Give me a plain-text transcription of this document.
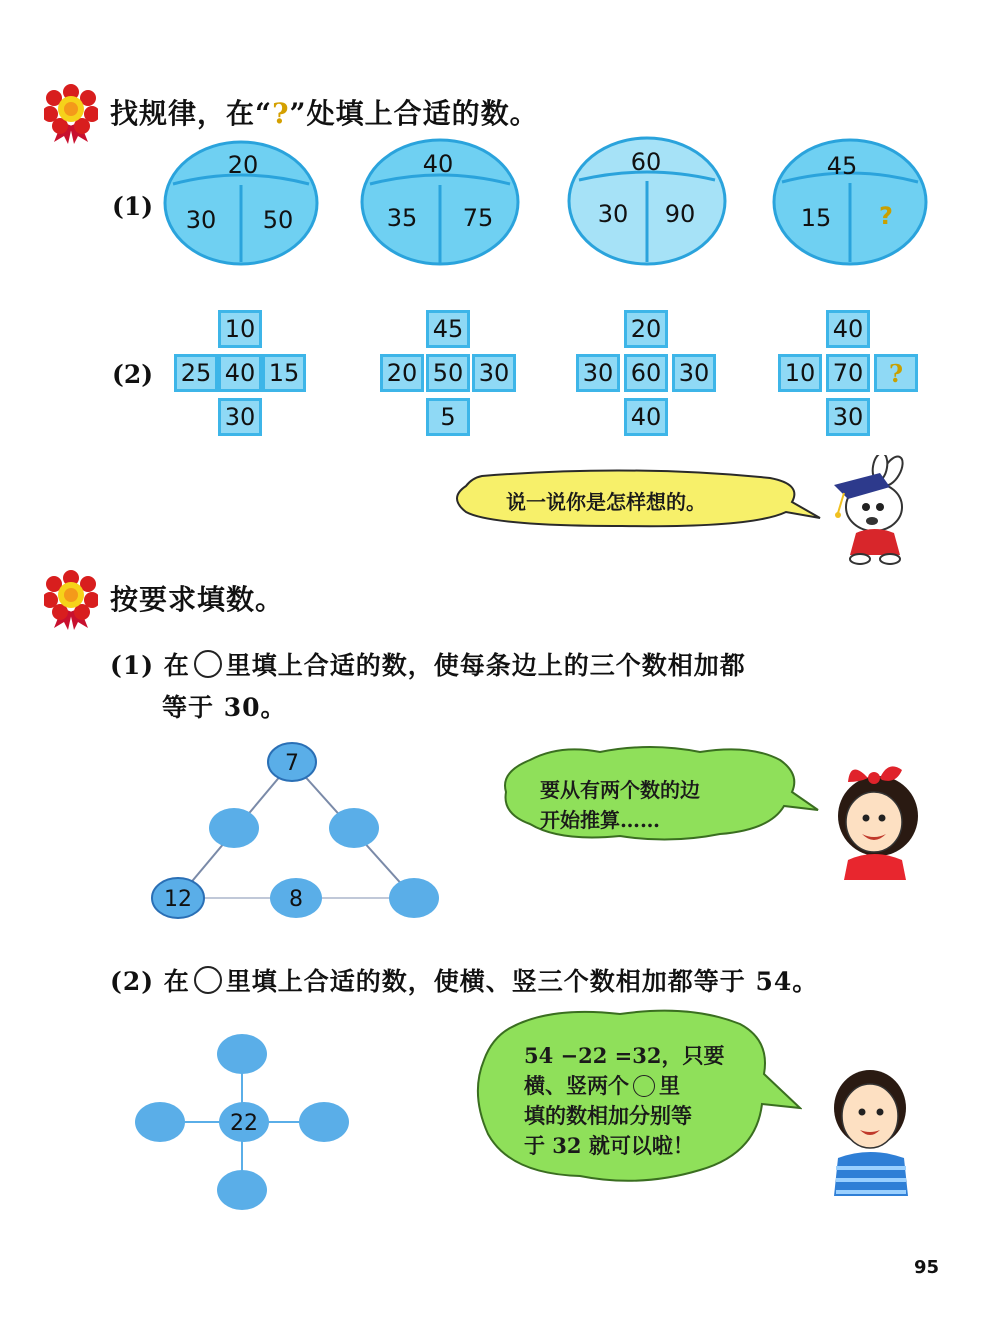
找规律，在“?”处填上合适的数。
(1)
20
30 50
40
35 75
60
30 90
45
15 ?
(2)
10
25 40 15
30
45
20 50 30
5
20
30 60 30
40
40
10 70	?
30
说一说你是怎样想的。
按要求填数。
(1) 在 里填上合适的数，使每条边上的三个数相加都
等于 30。
7
12	8
要从有两个数的边
开始推算……
(2) 在 里填上合适的数，使横、竖三个数相加都等于 54。
22
54 −22 =32，只要
横、竖两个 里
填的数相加分别等
于 32 就可以啦！
95
